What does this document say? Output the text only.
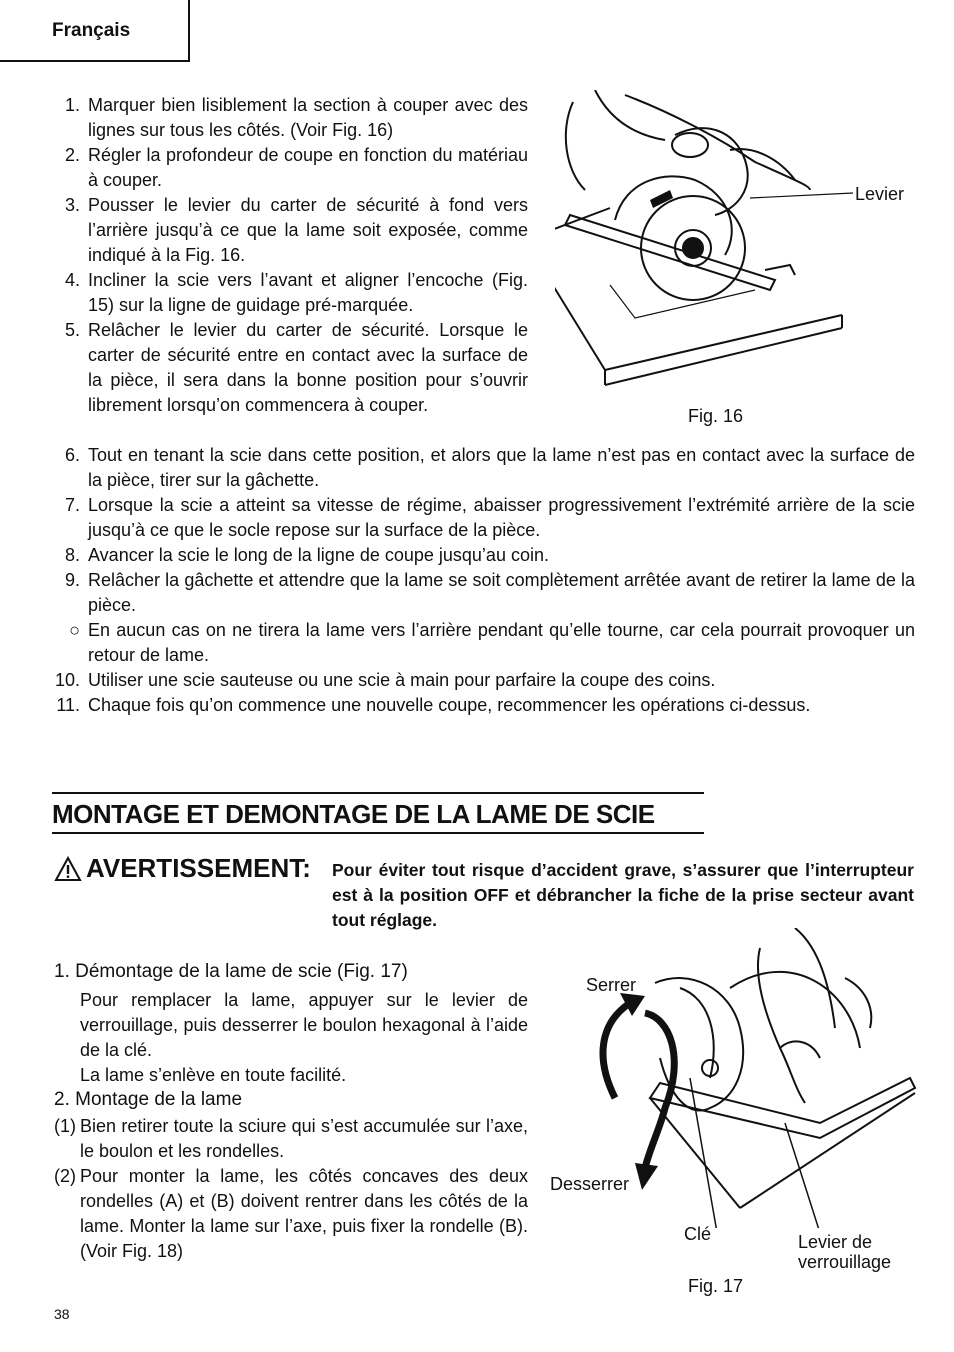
Français
1. Marquer bien lisiblement la section à couper avec des lignes sur tous les côtés. (Voir Fig. 16)
2. Régler la profondeur de coupe en fonction du matériau à couper.
3. Pousser le levier du carter de sécurité à fond vers l’arrière jusqu’à ce que la lame soit exposée, comme indiqué à la Fig. 16.
4. Incliner la scie vers l’avant et aligner l’encoche (Fig. 15) sur la ligne de guidage pré-marquée.
5. Relâcher le levier du carter de sécurité. Lorsque le carter de sécurité entre en contact avec la surface de la pièce, il sera dans la bonne position pour s’ouvrir librement lorsqu’on commencera à couper.
Levier
Fig. 16
6. Tout en tenant la scie dans cette position, et alors que la lame n’est pas en contact avec la surface de la pièce, tirer sur la gâchette.
7. Lorsque la scie a atteint sa vitesse de régime, abaisser progressivement l’extrémité arrière de la scie jusqu’à ce que le socle repose sur la surface de la pièce.
8. Avancer la scie le long de la ligne de coupe jusqu’au coin.
9. Relâcher la gâchette et attendre que la lame se soit complètement arrêtée avant de retirer la lame de la pièce.
○ En aucun cas on ne tirera la lame vers l’arrière pendant qu’elle tourne, car cela pourrait provoquer un retour de lame.
10. Utiliser une scie sauteuse ou une scie à main pour parfaire la coupe des coins.
11. Chaque fois qu’on commence une nouvelle coupe, recommencer les opérations ci-dessus.
MONTAGE ET DEMONTAGE DE LA LAME DE SCIE
AVERTISSEMENT: Pour éviter tout risque d’accident grave, s’assurer que l’interrupteur est à la position OFF et débrancher la fiche de la prise secteur avant tout réglage.
1. Démontage de la lame de scie (Fig. 17)
Pour remplacer la lame, appuyer sur le levier de verrouillage, puis desserrer le boulon hexagonal à l’aide de la clé.
La lame s’enlève en toute facilité.
2. Montage de la lame
(1) Bien retirer toute la sciure qui s’est accumulée sur l’axe, le boulon et les rondelles.
(2) Pour monter la lame, les côtés concaves des deux rondelles (A) et (B) doivent rentrer dans les côtés de la lame. Monter la lame sur l’axe, puis fixer la rondelle (B). (Voir Fig. 18)
Serrer
Desserrer
Clé	Levier de
verrouillage
Fig. 17
38
